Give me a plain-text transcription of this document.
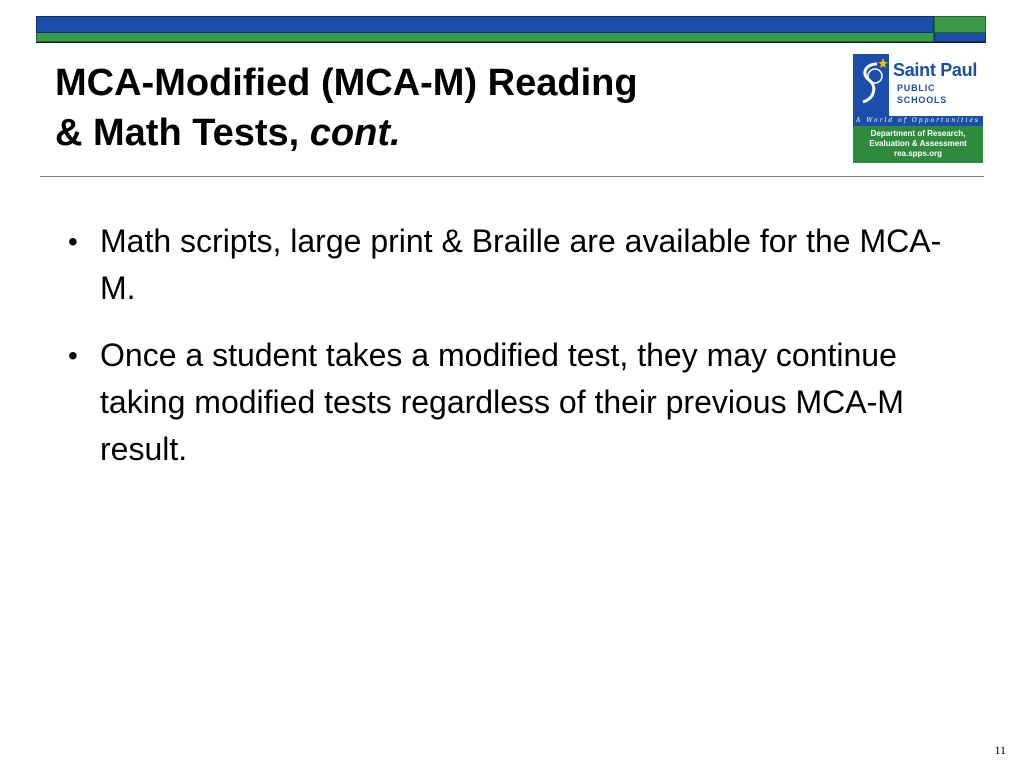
MCA-Modified (MCA-M) Reading
& Math Tests, cont.
Saint Paul
PUBLIC SCHOOLS
A World of Opportunities
Department of Research,
Evaluation & Assessment
rea.spps.org
• Math scripts, large print & Braille are available for the MCA-M.
• Once a student takes a modified test, they may continue taking modified tests regardless of their previous MCA-M result.
11
